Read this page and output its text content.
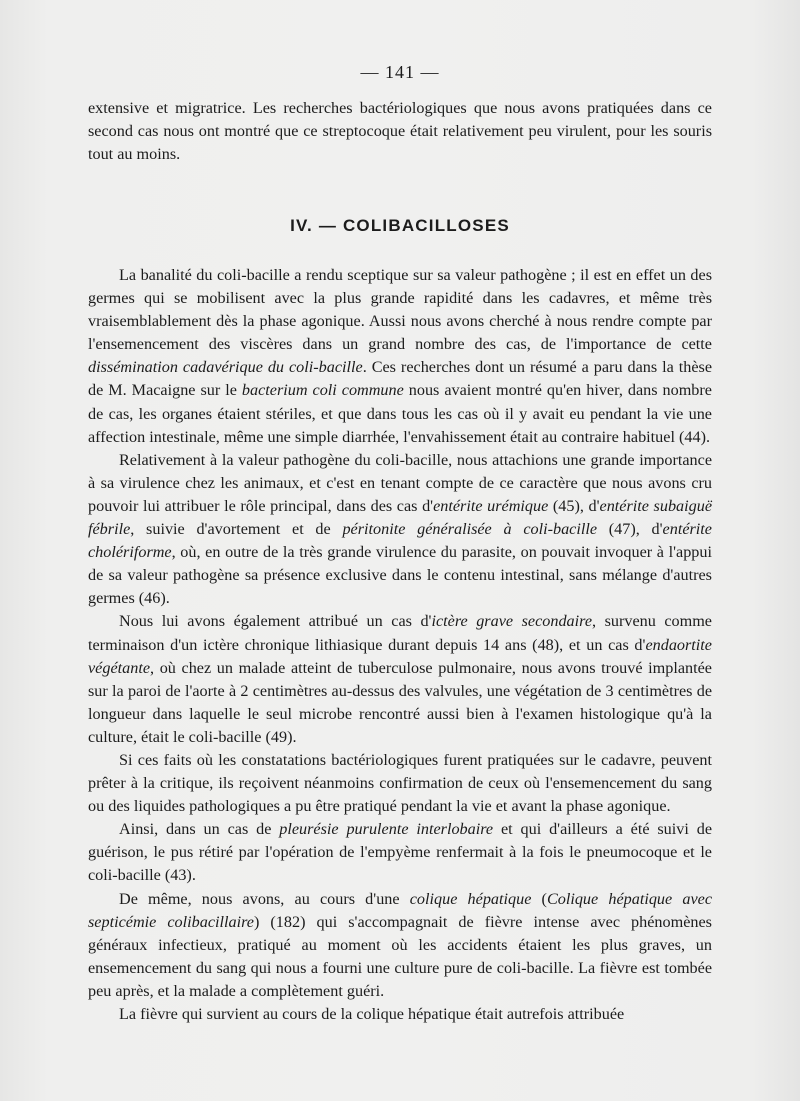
— 141 —

extensive et migratrice. Les recherches bactériologiques que nous avons pratiquées dans ce second cas nous ont montré que ce streptocoque était relativement peu virulent, pour les souris tout au moins.

IV. — COLIBACILLOSES

La banalité du coli-bacille a rendu sceptique sur sa valeur pathogène ; il est en effet un des germes qui se mobilisent avec la plus grande rapidité dans les cadavres, et même très vraisemblablement dès la phase agonique. Aussi nous avons cherché à nous rendre compte par l'ensemencement des viscères dans un grand nombre des cas, de l'importance de cette dissémination cadavérique du coli-bacille. Ces recherches dont un résumé a paru dans la thèse de M. Macaigne sur le bacterium coli commune nous avaient montré qu'en hiver, dans nombre de cas, les organes étaient stériles, et que dans tous les cas où il y avait eu pendant la vie une affection intestinale, même une simple diarrhée, l'envahissement était au contraire habituel (44).

Relativement à la valeur pathogène du coli-bacille, nous attachions une grande importance à sa virulence chez les animaux, et c'est en tenant compte de ce caractère que nous avons cru pouvoir lui attribuer le rôle principal, dans des cas d'entérite urémique (45), d'entérite subaiguë fébrile, suivie d'avortement et de péritonite généralisée à coli-bacille (47), d'entérite cholériforme, où, en outre de la très grande virulence du parasite, on pouvait invoquer à l'appui de sa valeur pathogène sa présence exclusive dans le contenu intestinal, sans mélange d'autres germes (46).

Nous lui avons également attribué un cas d'ictère grave secondaire, survenu comme terminaison d'un ictère chronique lithiasique durant depuis 14 ans (48), et un cas d'endaortite végétante, où chez un malade atteint de tuberculose pulmonaire, nous avons trouvé implantée sur la paroi de l'aorte à 2 centimètres au-dessus des valvules, une végétation de 3 centimètres de longueur dans laquelle le seul microbe rencontré aussi bien à l'examen histologique qu'à la culture, était le coli-bacille (49).

Si ces faits où les constatations bactériologiques furent pratiquées sur le cadavre, peuvent prêter à la critique, ils reçoivent néanmoins confirmation de ceux où l'ensemencement du sang ou des liquides pathologiques a pu être pratiqué pendant la vie et avant la phase agonique.

Ainsi, dans un cas de pleurésie purulente interlobaire et qui d'ailleurs a été suivi de guérison, le pus rétiré par l'opération de l'empyème renfermait à la fois le pneumocoque et le coli-bacille (43).

De même, nous avons, au cours d'une colique hépatique (Colique hépatique avec septicémie colibacillaire) (182) qui s'accompagnait de fièvre intense avec phénomènes généraux infectieux, pratiqué au moment où les accidents étaient les plus graves, un ensemencement du sang qui nous a fourni une culture pure de coli-bacille. La fièvre est tombée peu après, et la malade a complètement guéri.

La fièvre qui survient au cours de la colique hépatique était autrefois attribuée
